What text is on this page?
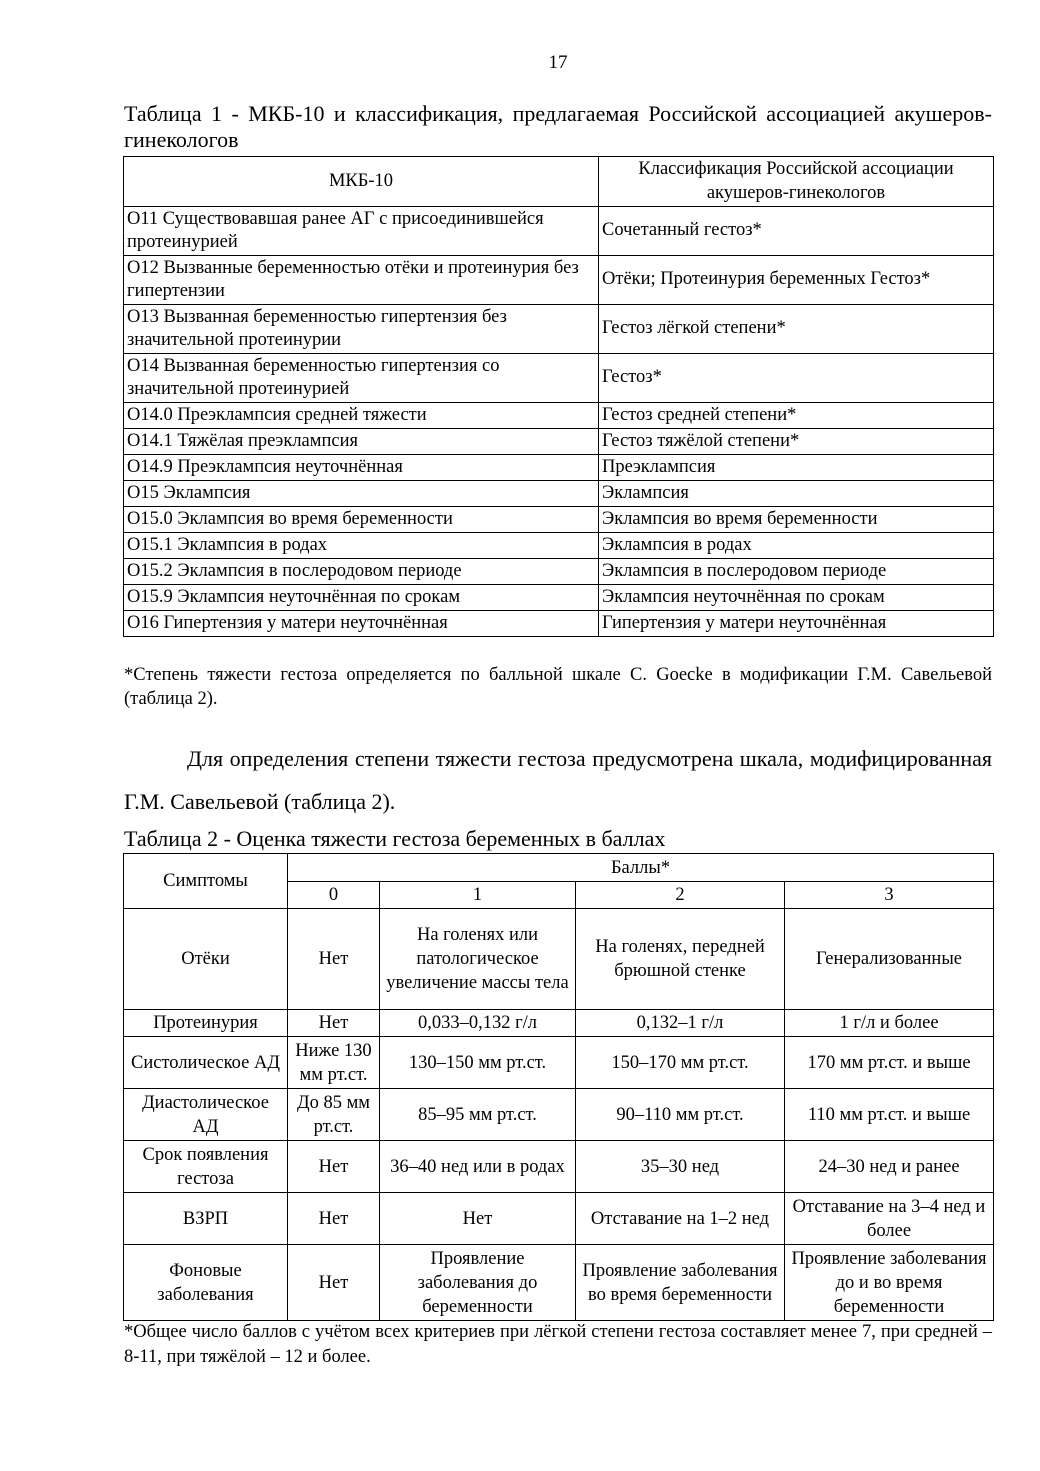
17
Таблица 1 - МКБ-10 и классификация, предлагаемая Российской ассоциацией акушеров-гинекологов
МКБ-10	Классификация Российской ассоциации акушеров-гинекологов
О11 Существовавшая ранее АГ с присоединившейся протеинурией	Сочетанный гестоз*
О12 Вызванные беременностью отёки и протеинурия без гипертензии	Отёки; Протеинурия беременных Гестоз*
О13 Вызванная беременностью гипертензия без значительной протеинурии	Гестоз лёгкой степени*
О14 Вызванная беременностью гипертензия со значительной протеинурией	Гестоз*
О14.0 Преэклампсия средней тяжести	Гестоз средней степени*
О14.1 Тяжёлая преэклампсия	Гестоз тяжёлой степени*
О14.9 Преэклампсия неуточнённая	Преэклампсия
О15 Эклампсия	Эклампсия
О15.0 Эклампсия во время беременности	Эклампсия во время беременности
О15.1 Эклампсия в родах	Эклампсия в родах
О15.2 Эклампсия в послеродовом периоде	Эклампсия в послеродовом периоде
О15.9 Эклампсия неуточнённая по срокам	Эклампсия неуточнённая по срокам
О16 Гипертензия у матери неуточнённая	Гипертензия у матери неуточнённая
*Степень тяжести гестоза определяется по балльной шкале C. Goecke в модификации Г.М. Савельевой (таблица 2).
Для определения степени тяжести гестоза предусмотрена шкала, модифицированная Г.М. Савельевой (таблица 2).
Таблица 2 - Оценка тяжести гестоза беременных в баллах
Симптомы	Баллы*			
	0	1	2	3
Отёки	Нет	На голенях или патологическое увеличение массы тела	На голенях, передней брюшной стенке	Генерализованные
Протеинурия	Нет	0,033–0,132 г/л	0,132–1 г/л	1 г/л и более
Систолическое АД	Ниже 130 мм рт.ст.	130–150 мм рт.ст.	150–170 мм рт.ст.	170 мм рт.ст. и выше
Диастолическое АД	До 85 мм рт.ст.	85–95 мм рт.ст.	90–110 мм рт.ст.	110 мм рт.ст. и выше
Срок появления гестоза	Нет	36–40 нед или в родах	35–30 нед	24–30 нед и ранее
ВЗРП	Нет	Нет	Отставание на 1–2 нед	Отставание на 3–4 нед и более
Фоновые заболевания	Нет	Проявление заболевания до беременности	Проявление заболевания во время беременности	Проявление заболевания до и во время беременности
*Общее число баллов с учётом всех критериев при лёгкой степени гестоза составляет менее 7, при средней – 8-11, при тяжёлой – 12 и более.
